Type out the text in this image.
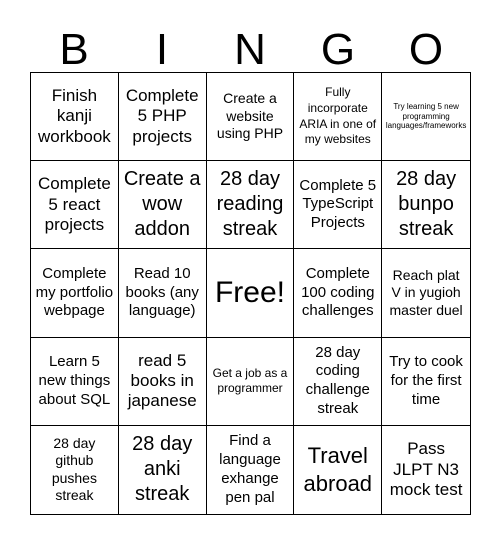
B	I	N	G	O
Finish kanji workbook
Complete 5 PHP projects
Create a website using PHP
Fully incorporate ARIA in one of my websites
Try learning 5 new programming languages/frameworks
Complete 5 react projects
Create a wow addon
28 day reading streak
Complete 5 TypeScript Projects
28 day bunpo streak
Complete my portfolio webpage
Read 10 books (any language)
Free!
Complete 100 coding challenges
Reach plat V in yugioh master duel
Learn 5 new things about SQL
read 5 books in japanese
Get a job as a programmer
28 day coding challenge streak
Try to cook for the first time
28 day github pushes streak
28 day anki streak
Find a language exhange pen pal
Travel abroad
Pass JLPT N3 mock test
